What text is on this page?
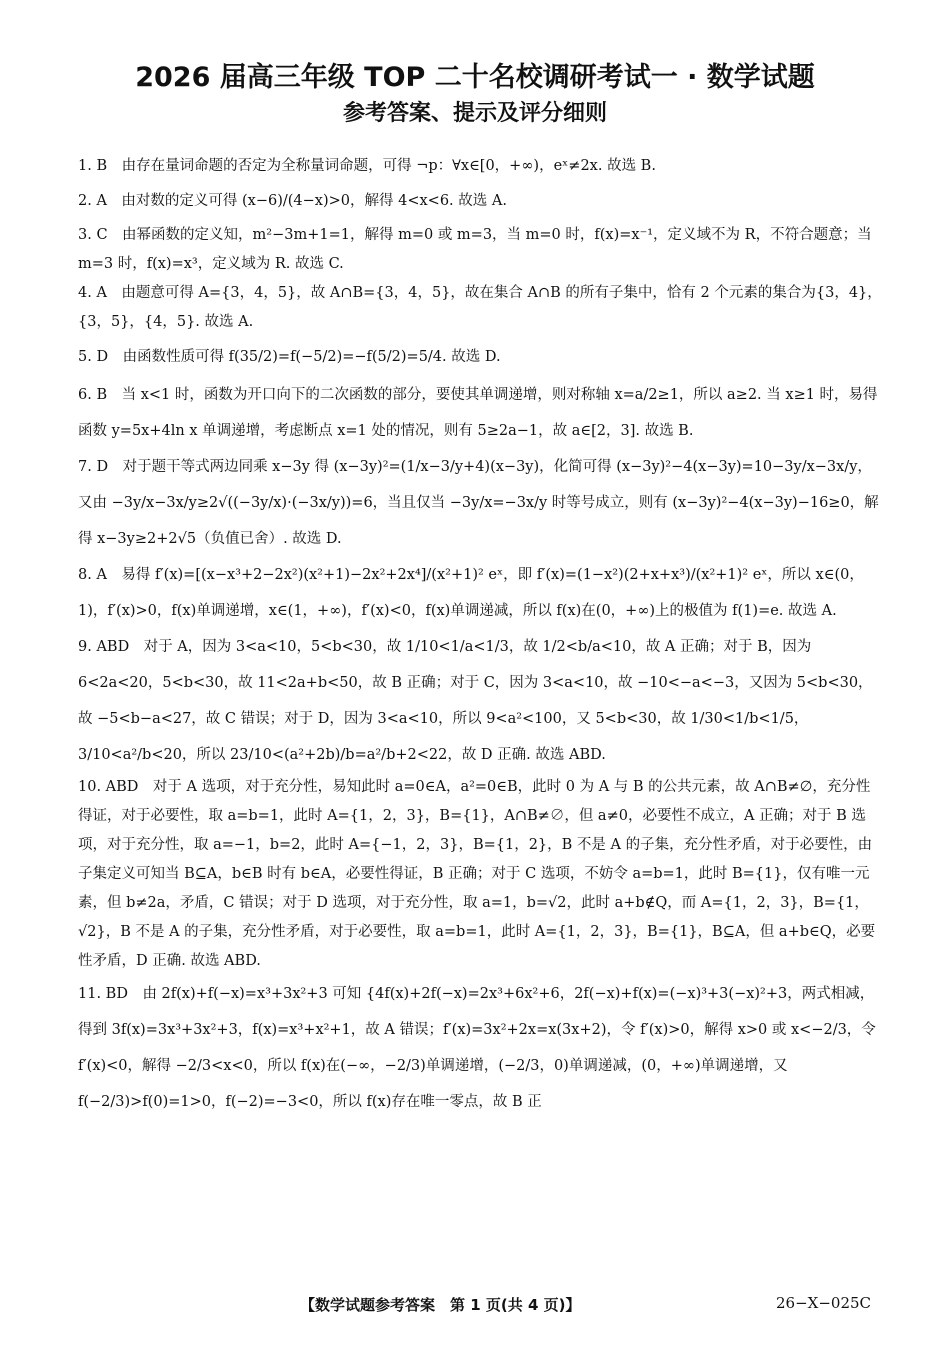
2026 届高三年级 TOP 二十名校调研考试一 · 数学试题
参考答案、提示及评分细则

1. B　由存在量词命题的否定为全称量词命题，可得 ¬p：∀x∈[0，+∞)，eˣ≠2x. 故选 B.

2. A　由对数的定义可得 (x−6)/(4−x)>0，解得 4<x<6. 故选 A.

3. C　由幂函数的定义知，m²−3m+1=1，解得 m=0 或 m=3，当 m=0 时，f(x)=x⁻¹，定义域不为 R，不符合题意；当 m=3 时，f(x)=x³，定义域为 R. 故选 C.

4. A　由题意可得 A={3，4，5}，故 A∩B={3，4，5}，故在集合 A∩B 的所有子集中，恰有 2 个元素的集合为{3，4}，{3，5}，{4，5}. 故选 A.

5. D　由函数性质可得 f(35/2)=f(−5/2)=−f(5/2)=5/4. 故选 D.

6. B　当 x<1 时，函数为开口向下的二次函数的部分，要使其单调递增，则对称轴 x=a/2≥1，所以 a≥2. 当 x≥1 时，易得函数 y=5x+4ln x 单调递增，考虑断点 x=1 处的情况，则有 5≥2a−1，故 a∈[2，3]. 故选 B.

7. D　对于题干等式两边同乘 x−3y 得 (x−3y)²=(1/x−3/y+4)(x−3y)，化简可得 (x−3y)²−4(x−3y)=10−3y/x−3x/y，又由 −3y/x−3x/y≥2√((−3y/x)·(−3x/y))=6，当且仅当 −3y/x=−3x/y 时等号成立，则有 (x−3y)²−4(x−3y)−16≥0，解得 x−3y≥2+2√5（负值已舍）. 故选 D.

8. A　易得 f′(x)=[(x−x³+2−2x²)(x²+1)−2x²+2x⁴]/(x²+1)² eˣ，即 f′(x)=(1−x²)(2+x+x³)/(x²+1)² eˣ，所以 x∈(0，1)，f′(x)>0，f(x)单调递增，x∈(1，+∞)，f′(x)<0，f(x)单调递减，所以 f(x)在(0，+∞)上的极值为 f(1)=e. 故选 A.

9. ABD　对于 A，因为 3<a<10，5<b<30，故 1/10<1/a<1/3，故 1/2<b/a<10，故 A 正确；对于 B，因为 6<2a<20，5<b<30，故 11<2a+b<50，故 B 正确；对于 C，因为 3<a<10，故 −10<−a<−3，又因为 5<b<30，故 −5<b−a<27，故 C 错误；对于 D，因为 3<a<10，所以 9<a²<100，又 5<b<30，故 1/30<1/b<1/5，3/10<a²/b<20，所以 23/10<(a²+2b)/b=a²/b+2<22，故 D 正确. 故选 ABD.

10. ABD　对于 A 选项，对于充分性，易知此时 a=0∈A，a²=0∈B，此时 0 为 A 与 B 的公共元素，故 A∩B≠∅，充分性得证，对于必要性，取 a=b=1，此时 A={1，2，3}，B={1}，A∩B≠∅，但 a≠0，必要性不成立，A 正确；对于 B 选项，对于充分性，取 a=−1，b=2，此时 A={−1，2，3}，B={1，2}，B 不是 A 的子集，充分性矛盾，对于必要性，由子集定义可知当 B⊆A，b∈B 时有 b∈A，必要性得证，B 正确；对于 C 选项，不妨令 a=b=1，此时 B={1}，仅有唯一元素，但 b≠2a，矛盾，C 错误；对于 D 选项，对于充分性，取 a=1，b=√2，此时 a+b∉Q，而 A={1，2，3}，B={1，√2}，B 不是 A 的子集，充分性矛盾，对于必要性，取 a=b=1，此时 A={1，2，3}，B={1}，B⊆A，但 a+b∈Q，必要性矛盾，D 正确. 故选 ABD.

11. BD　由 2f(x)+f(−x)=x³+3x²+3 可知 {4f(x)+2f(−x)=2x³+6x²+6，2f(−x)+f(x)=(−x)³+3(−x)²+3，两式相减，得到 3f(x)=3x³+3x²+3，f(x)=x³+x²+1，故 A 错误；f′(x)=3x²+2x=x(3x+2)，令 f′(x)>0，解得 x>0 或 x<−2/3，令 f′(x)<0，解得 −2/3<x<0，所以 f(x)在(−∞，−2/3)单调递增，(−2/3，0)单调递减，(0，+∞)单调递增，又 f(−2/3)>f(0)=1>0，f(−2)=−3<0，所以 f(x)存在唯一零点，故 B 正

【数学试题参考答案　第 1 页(共 4 页)】	26−X−025C
